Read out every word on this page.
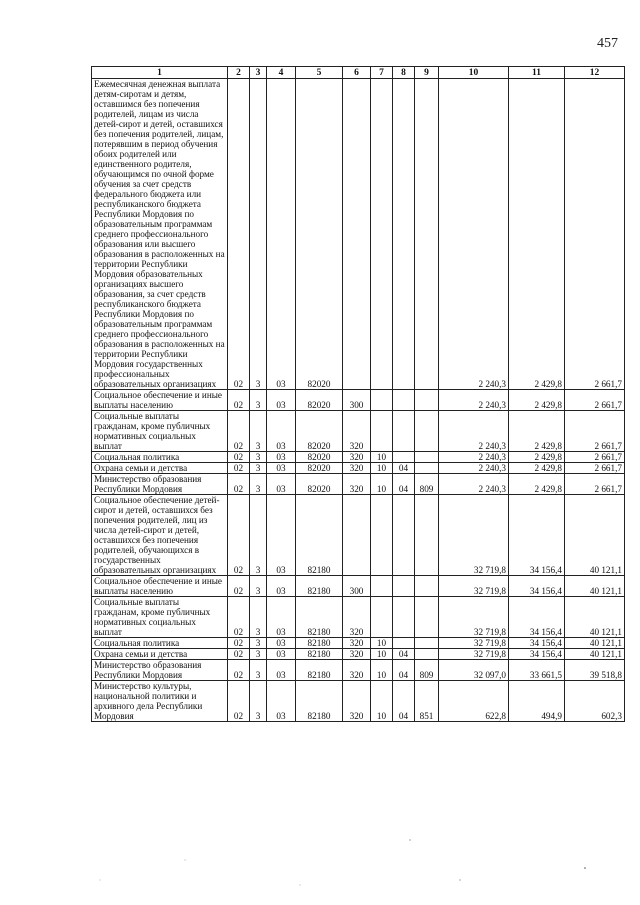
457
1	2	3	4	5	6	7	8	9	10	11	12
Ежемесячная денежная выплата детям-сиротам и детям, оставшимся без попечения родителей, лицам из числа детей-сирот и детей, оставшихся без попечения родителей, лицам, потерявшим в период обучения обоих родителей или единственного родителя, обучающимся по очной форме обучения за счет средств федерального бюджета или республиканского бюджета Республики Мордовия по образовательным программам среднего профессионального образования или высшего образования в расположенных на территории Республики Мордовия образовательных организациях высшего образования, за счет средств республиканского бюджета Республики Мордовия по образовательным программам среднего профессионального образования в расположенных на территории Республики Мордовия государственных профессиональных образовательных организациях	02	3	03	82020					2 240,3	2 429,8	2 661,7
Социальное обеспечение и иные выплаты населению	02	3	03	82020	300				2 240,3	2 429,8	2 661,7
Социальные выплаты гражданам, кроме публичных нормативных социальных выплат	02	3	03	82020	320				2 240,3	2 429,8	2 661,7
Социальная политика	02	3	03	82020	320	10			2 240,3	2 429,8	2 661,7
Охрана семьи и детства	02	3	03	82020	320	10	04		2 240,3	2 429,8	2 661,7
Министерство образования Республики Мордовия	02	3	03	82020	320	10	04	809	2 240,3	2 429,8	2 661,7
Социальное обеспечение детей-сирот и детей, оставшихся без попечения родителей, лиц из числа детей-сирот и детей, оставшихся без попечения родителей, обучающихся в государственных образовательных организациях	02	3	03	82180					32 719,8	34 156,4	40 121,1
Социальное обеспечение и иные выплаты населению	02	3	03	82180	300				32 719,8	34 156,4	40 121,1
Социальные выплаты гражданам, кроме публичных нормативных социальных выплат	02	3	03	82180	320				32 719,8	34 156,4	40 121,1
Социальная политика	02	3	03	82180	320	10			32 719,8	34 156,4	40 121,1
Охрана семьи и детства	02	3	03	82180	320	10	04		32 719,8	34 156,4	40 121,1
Министерство образования Республики Мордовия	02	3	03	82180	320	10	04	809	32 097,0	33 661,5	39 518,8
Министерство культуры, национальной политики и архивного дела Республики Мордовия	02	3	03	82180	320	10	04	851	622,8	494,9	602,3
